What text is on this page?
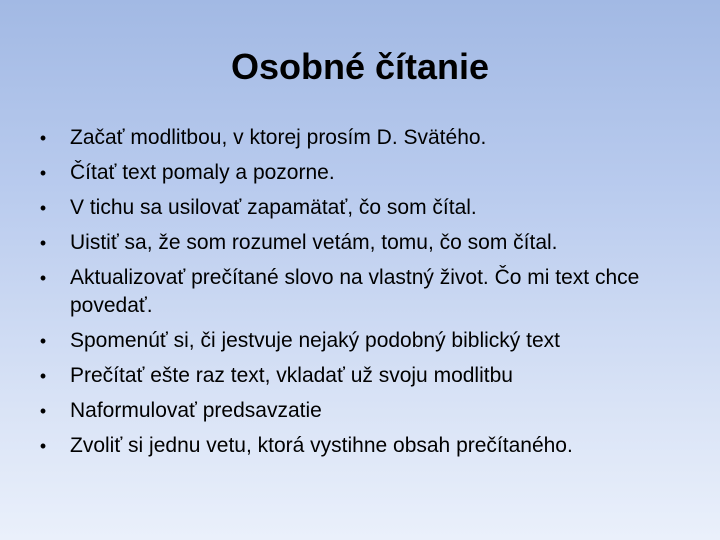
Osobné čítanie
• Začať modlitbou, v ktorej prosím D. Svätého.
• Čítať text pomaly a pozorne.
• V tichu sa usilovať zapamätať, čo som čítal.
• Uistiť sa, že som rozumel vetám, tomu, čo som čítal.
• Aktualizovať prečítané slovo na vlastný život. Čo mi text chce povedať.
• Spomenúť si, či jestvuje nejaký podobný biblický text
• Prečítať ešte raz text, vkladať už svoju modlitbu
• Naformulovať predsavzatie
• Zvoliť si jednu vetu, ktorá vystihne obsah prečítaného.
